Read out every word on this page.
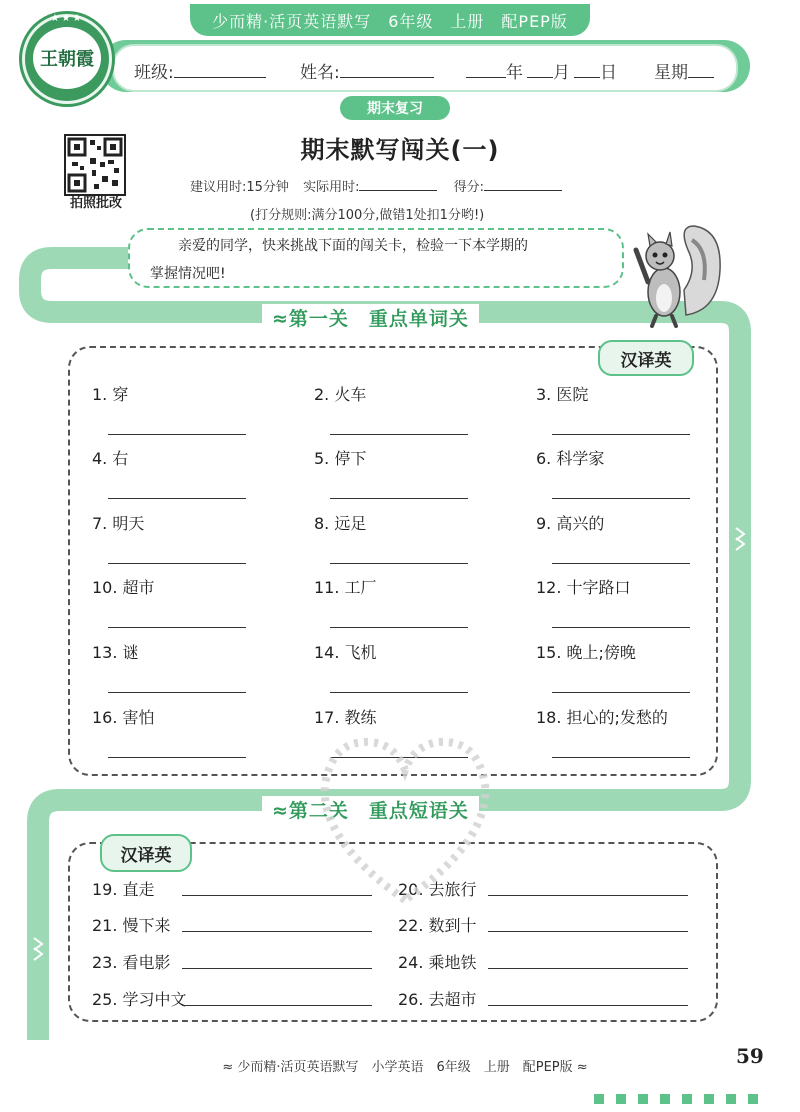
班级:	姓名:	年 月 日 星期
少而精·活页英语默写　6年级　上册　配PEP版
★★★
王朝霞
期末复习
拍照批改
期末默写闯关(一)
建议用时:15分钟 实际用时:	得分:
(打分规则:满分100分,做错1处扣1分哟!)
亲爱的同学，快来挑战下面的闯关卡，检验一下本学期的
掌握情况吧!
≈第一关　重点单词关
汉译英
1. 穿	2. 火车	3. 医院
4. 右	5. 停下	6. 科学家
7. 明天	8. 远足	9. 高兴的
10. 超市	11. 工厂	12. 十字路口
13. 谜	14. 飞机	15. 晚上;傍晚
16. 害怕	17. 教练	18. 担心的;发愁的
≈第二关　重点短语关
汉译英
19. 直走	20. 去旅行
21. 慢下来	22. 数到十
23. 看电影	24. 乘地铁
25. 学习中文	26. 去超市
≈ 少而精·活页英语默写　小学英语　6年级　上册　配PEP版 ≈	59
